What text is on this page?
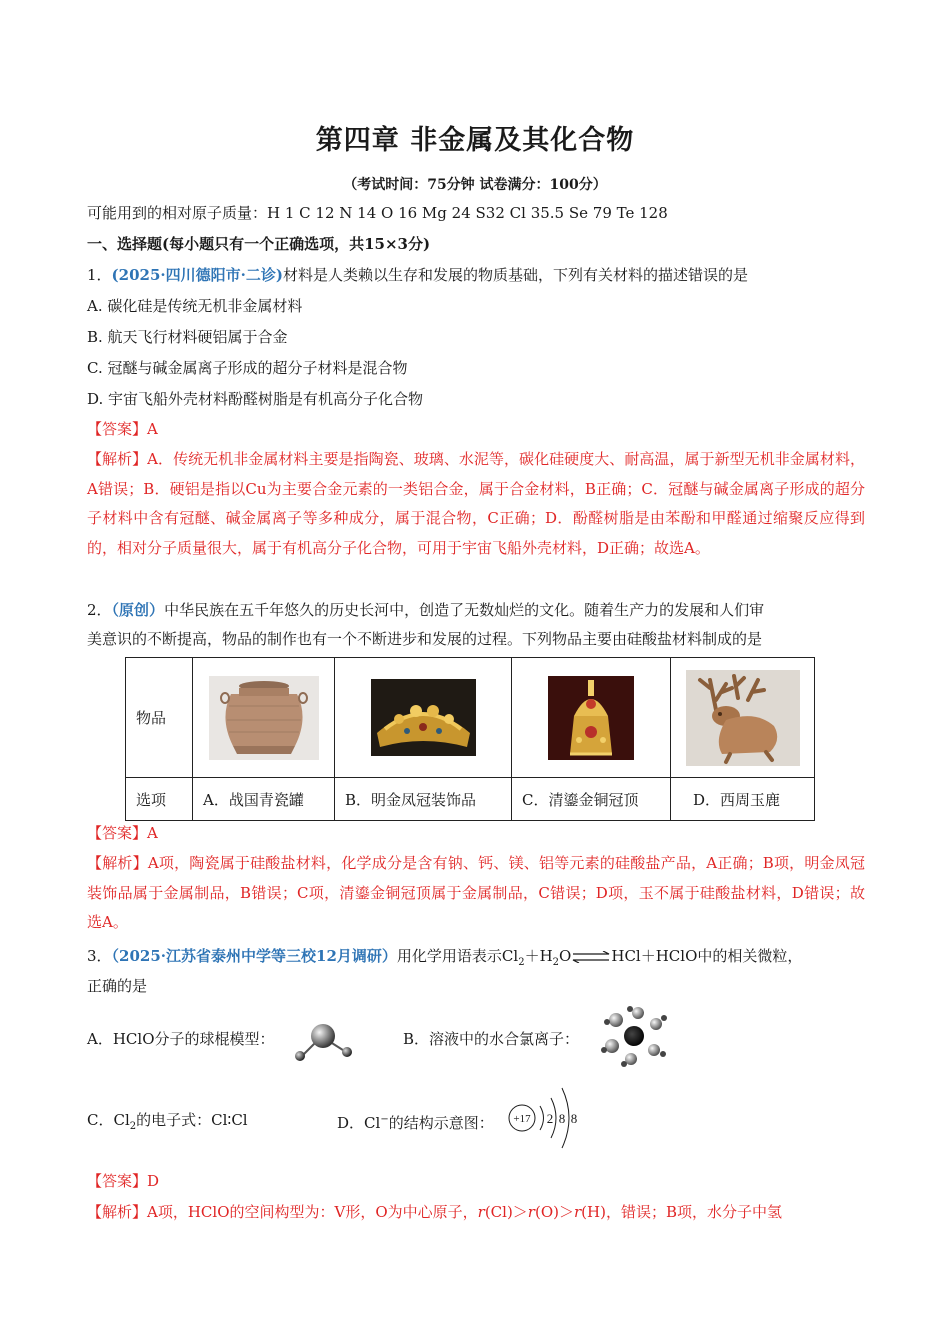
第四章 非金属及其化合物
（考试时间：75分钟 试卷满分：100分）
可能用到的相对原子质量：H 1 C 12 N 14 O 16 Mg 24 S32 Cl 35.5 Se 79 Te 128
一、选择题(每小题只有一个正确选项，共15×3分)
1．(2025·四川德阳市·二诊)材料是人类赖以生存和发展的物质基础，下列有关材料的描述错误的是
A. 碳化硅是传统无机非金属材料
B. 航天飞行材料硬铝属于合金
C. 冠醚与碱金属离子形成的超分子材料是混合物
D. 宇宙飞船外壳材料酚醛树脂是有机高分子化合物
【答案】A
【解析】A．传统无机非金属材料主要是指陶瓷、玻璃、水泥等，碳化硅硬度大、耐高温，属于新型无机非金属材料，A错误；B．硬铝是指以Cu为主要合金元素的一类铝合金，属于合金材料，B正确；C．冠醚与碱金属离子形成的超分子材料中含有冠醚、碱金属离子等多种成分，属于混合物，C正确；D．酚醛树脂是由苯酚和甲醛通过缩聚反应得到的，相对分子质量很大，属于有机高分子化合物，可用于宇宙飞船外壳材料，D正确；故选A。
2．（原创）中华民族在五千年悠久的历史长河中，创造了无数灿烂的文化。随着生产力的发展和人们审
美意识的不断提高，物品的制作也有一个不断进步和发展的过程。下列物品主要由硅酸盐材料制成的是
物品	

选项	A．战国青瓷罐	B．明金凤冠装饰品	C．清鎏金铜冠顶	D．西周玉鹿
【答案】A
【解析】A项，陶瓷属于硅酸盐材料，化学成分是含有钠、钙、镁、铝等元素的硅酸盐产品，A正确；B项，明金凤冠装饰品属于金属制品，B错误；C项，清鎏金铜冠顶属于金属制品，C错误；D项，玉不属于硅酸盐材料，D错误；故选A。
3．（2025·江苏省泰州中学等三校12月调研）用化学用语表示$Cl_2+H_2O\rightleftharpoons HCl+HClO$中的相关微粒，
正确的是
A．HClO分子的球棍模型：	B．溶液中的水合氯离子：
C．$Cl_2$的电子式：Cl∶Cl	D．Cl−的结构示意图： +17 2 8 8
【答案】D
【解析】A项，HClO的空间构型为：V形，O为中心原子，r(Cl)＞r(O)＞r(H)，错误；B项，水分子中氢
